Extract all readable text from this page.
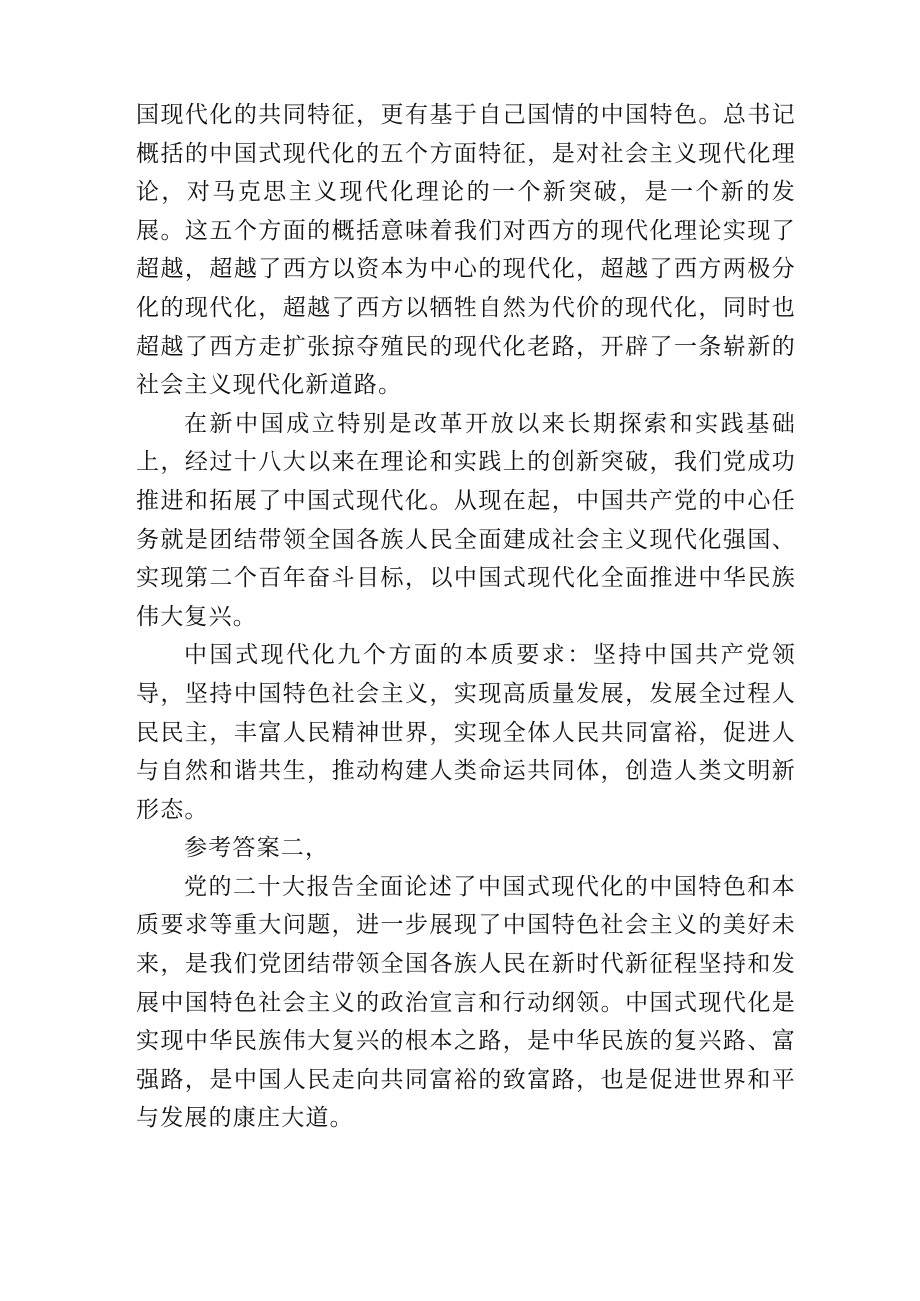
国现代化的共同特征，更有基于自己国情的中国特色。总书记概括的中国式现代化的五个方面特征，是对社会主义现代化理论，对马克思主义现代化理论的一个新突破，是一个新的发展。这五个方面的概括意味着我们对西方的现代化理论实现了超越，超越了西方以资本为中心的现代化，超越了西方两极分化的现代化，超越了西方以牺牲自然为代价的现代化，同时也超越了西方走扩张掠夺殖民的现代化老路，开辟了一条崭新的社会主义现代化新道路。

在新中国成立特别是改革开放以来长期探索和实践基础上，经过十八大以来在理论和实践上的创新突破，我们党成功推进和拓展了中国式现代化。从现在起，中国共产党的中心任务就是团结带领全国各族人民全面建成社会主义现代化强国、实现第二个百年奋斗目标，以中国式现代化全面推进中华民族伟大复兴。

中国式现代化九个方面的本质要求：坚持中国共产党领导，坚持中国特色社会主义，实现高质量发展，发展全过程人民民主，丰富人民精神世界，实现全体人民共同富裕，促进人与自然和谐共生，推动构建人类命运共同体，创造人类文明新形态。

参考答案二，

党的二十大报告全面论述了中国式现代化的中国特色和本质要求等重大问题，进一步展现了中国特色社会主义的美好未来，是我们党团结带领全国各族人民在新时代新征程坚持和发展中国特色社会主义的政治宣言和行动纲领。中国式现代化是实现中华民族伟大复兴的根本之路，是中华民族的复兴路、富强路，是中国人民走向共同富裕的致富路，也是促进世界和平与发展的康庄大道。
